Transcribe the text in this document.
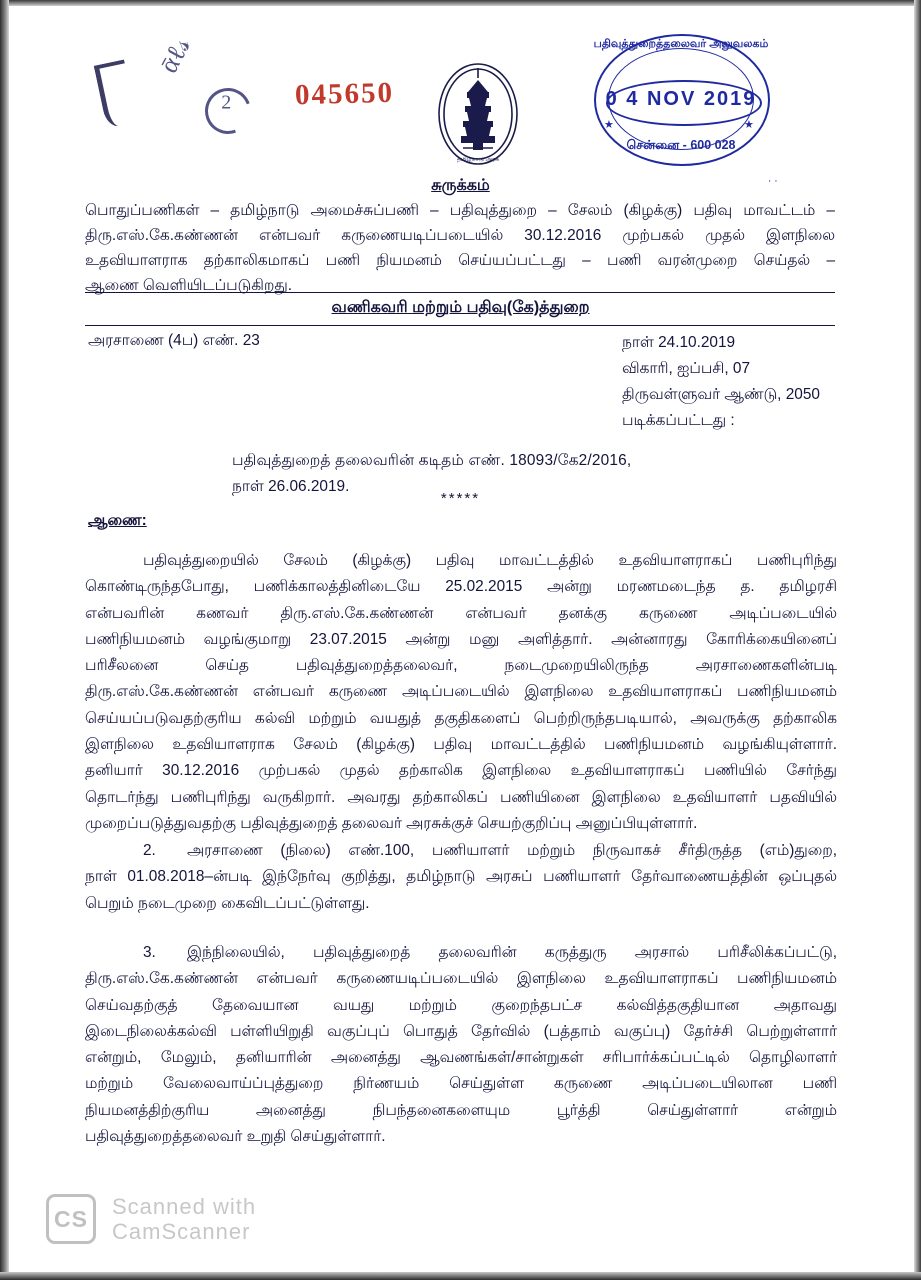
ᾱℓ𝓈
2 045650
தமிழ்நாடு அரசு
பதிவுத்துறைத்தலைவர் அலுவலகம்
0 4 NOV 2019
சென்னை - 600 028
★	★
˙˙
சுருக்கம்
பொதுப்பணிகள் – தமிழ்நாடு அமைச்சுப்பணி – பதிவுத்துறை – சேலம் (கிழக்கு) பதிவு மாவட்டம் –
திரு.எஸ்.கே.கண்ணன் என்பவர் கருணையடிப்படையில் 30.12.2016 முற்பகல் முதல் இளநிலை
உதவியாளராக தற்காலிகமாகப் பணி நியமனம் செய்யப்பட்டது – பணி வரன்முறை செய்தல் –
ஆணை வெளியிடப்படுகிறது.
வணிகவரி மற்றும் பதிவு(கே)த்துறை
அரசாணை (4ப) எண். 23	நாள் 24.10.2019
விகாரி, ஐப்பசி, 07
திருவள்ளுவர் ஆண்டு, 2050
படிக்கப்பட்டது :
பதிவுத்துறைத் தலைவரின் கடிதம் எண். 18093/கே2/2016,
நாள் 26.06.2019.
*****
ஆணை:
பதிவுத்துறையில் சேலம் (கிழக்கு) பதிவு மாவட்டத்தில் உதவியாளராகப் பணிபுரிந்து
கொண்டிருந்தபோது, பணிக்காலத்தினிடையே 25.02.2015 அன்று மரணமடைந்த த. தமிழரசி
என்பவரின் கணவர் திரு.எஸ்.கே.கண்ணன் என்பவர் தனக்கு கருணை அடிப்படையில்
பணிநியமனம் வழங்குமாறு 23.07.2015 அன்று மனு அளித்தார். அன்னாரது கோரிக்கையினைப்
பரிசீலனை செய்த பதிவுத்துறைத்தலைவர், நடைமுறையிலிருந்த அரசாணைகளின்படி
திரு.எஸ்.கே.கண்ணன் என்பவர் கருணை அடிப்படையில் இளநிலை உதவியாளராகப் பணிநியமனம்
செய்யப்படுவதற்குரிய கல்வி மற்றும் வயதுத் தகுதிகளைப் பெற்றிருந்தபடியால், அவருக்கு தற்காலிக
இளநிலை உதவியாளராக சேலம் (கிழக்கு) பதிவு மாவட்டத்தில் பணிநியமனம் வழங்கியுள்ளார்.
தனியார் 30.12.2016 முற்பகல் முதல் தற்காலிக இளநிலை உதவியாளராகப் பணியில் சேர்ந்து
தொடர்ந்து பணிபுரிந்து வருகிறார். அவரது தற்காலிகப் பணியினை இளநிலை உதவியாளர் பதவியில்
முறைப்படுத்துவதற்கு பதிவுத்துறைத் தலைவர் அரசுக்குச் செயற்குறிப்பு அனுப்பியுள்ளார்.
2. அரசாணை (நிலை) எண்.100, பணியாளர் மற்றும் நிருவாகச் சீர்திருத்த (எம்)துறை,
நாள் 01.08.2018–ன்படி இந்நேர்வு குறித்து, தமிழ்நாடு அரசுப் பணியாளர் தேர்வாணையத்தின் ஒப்புதல்
பெறும் நடைமுறை கைவிடப்பட்டுள்ளது.
3. இந்நிலையில், பதிவுத்துறைத் தலைவரின் கருத்துரு அரசால் பரிசீலிக்கப்பட்டு,
திரு.எஸ்.கே.கண்ணன் என்பவர் கருணையடிப்படையில் இளநிலை உதவியாளராகப் பணிநியமனம்
செய்வதற்குத் தேவையான வயது மற்றும் குறைந்தபட்ச கல்வித்தகுதியான அதாவது
இடைநிலைக்கல்வி பள்ளியிறுதி வகுப்புப் பொதுத் தேர்வில் (பத்தாம் வகுப்பு) தேர்ச்சி பெற்றுள்ளார்
என்றும், மேலும், தனியாரின் அனைத்து ஆவணங்கள்/சான்றுகள் சரிபார்க்கப்பட்டில் தொழிலாளர்
மற்றும் வேலைவாய்ப்புத்துறை நிர்ணயம் செய்துள்ள கருணை அடிப்படையிலான பணி
நியமனத்திற்குரிய அனைத்து நிபந்தனைகளையும பூர்த்தி செய்துள்ளார் என்றும்
பதிவுத்துறைத்தலைவர் உறுதி செய்துள்ளார்.
CS	Scanned with
CamScanner
